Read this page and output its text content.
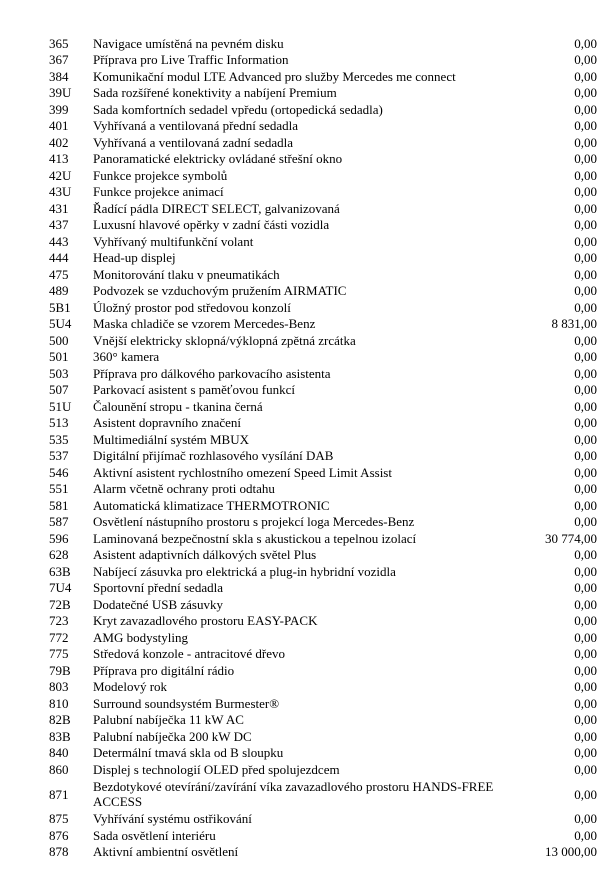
365	Navigace umístěná na pevném disku	0,00
367	Příprava pro Live Traffic Information	0,00
384	Komunikační modul LTE Advanced pro služby Mercedes me connect	0,00
39U	Sada rozšířené konektivity a nabíjení Premium	0,00
399	Sada komfortních sedadel vpředu (ortopedická sedadla)	0,00
401	Vyhřívaná a ventilovaná přední sedadla	0,00
402	Vyhřívaná a ventilovaná zadní sedadla	0,00
413	Panoramatické elektricky ovládané střešní okno	0,00
42U	Funkce projekce symbolů	0,00
43U	Funkce projekce animací	0,00
431	Řadící pádla DIRECT SELECT, galvanizovaná	0,00
437	Luxusní hlavové opěrky v zadní části vozidla	0,00
443	Vyhřívaný multifunkční volant	0,00
444	Head-up displej	0,00
475	Monitorování tlaku v pneumatikách	0,00
489	Podvozek se vzduchovým pružením AIRMATIC	0,00
5B1	Úložný prostor pod středovou konzolí	0,00
5U4	Maska chladiče se vzorem Mercedes-Benz	8 831,00
500	Vnější elektricky sklopná/výklopná zpětná zrcátka	0,00
501	360° kamera	0,00
503	Příprava pro dálkového parkovacího asistenta	0,00
507	Parkovací asistent s paměťovou funkcí	0,00
51U	Čalounění stropu - tkanina černá	0,00
513	Asistent dopravního značení	0,00
535	Multimediální systém MBUX	0,00
537	Digitální přijímač rozhlasového vysílání DAB	0,00
546	Aktivní asistent rychlostního omezení Speed Limit Assist	0,00
551	Alarm včetně ochrany proti odtahu	0,00
581	Automatická klimatizace THERMOTRONIC	0,00
587	Osvětlení nástupního prostoru s projekcí loga Mercedes-Benz	0,00
596	Laminovaná bezpečnostní skla s akustickou a tepelnou izolací	30 774,00
628	Asistent adaptivních dálkových světel Plus	0,00
63B	Nabíjecí zásuvka pro elektrická a plug-in hybridní vozidla	0,00
7U4	Sportovní přední sedadla	0,00
72B	Dodatečné USB zásuvky	0,00
723	Kryt zavazadlového prostoru EASY-PACK	0,00
772	AMG bodystyling	0,00
775	Středová konzole - antracitové dřevo	0,00
79B	Příprava pro digitální rádio	0,00
803	Modelový rok	0,00
810	Surround soundsystém Burmester®	0,00
82B	Palubní nabíječka 11 kW AC	0,00
83B	Palubní nabíječka 200 kW DC	0,00
840	Determální tmavá skla od B sloupku	0,00
860	Displej s technologií OLED před spolujezdcem	0,00
871	Bezdotykové otevírání/zavírání víka zavazadlového prostoru HANDS-FREE ACCESS	0,00
875	Vyhřívání systému ostřikování	0,00
876	Sada osvětlení interiéru	0,00
878	Aktivní ambientní osvětlení	13 000,00
